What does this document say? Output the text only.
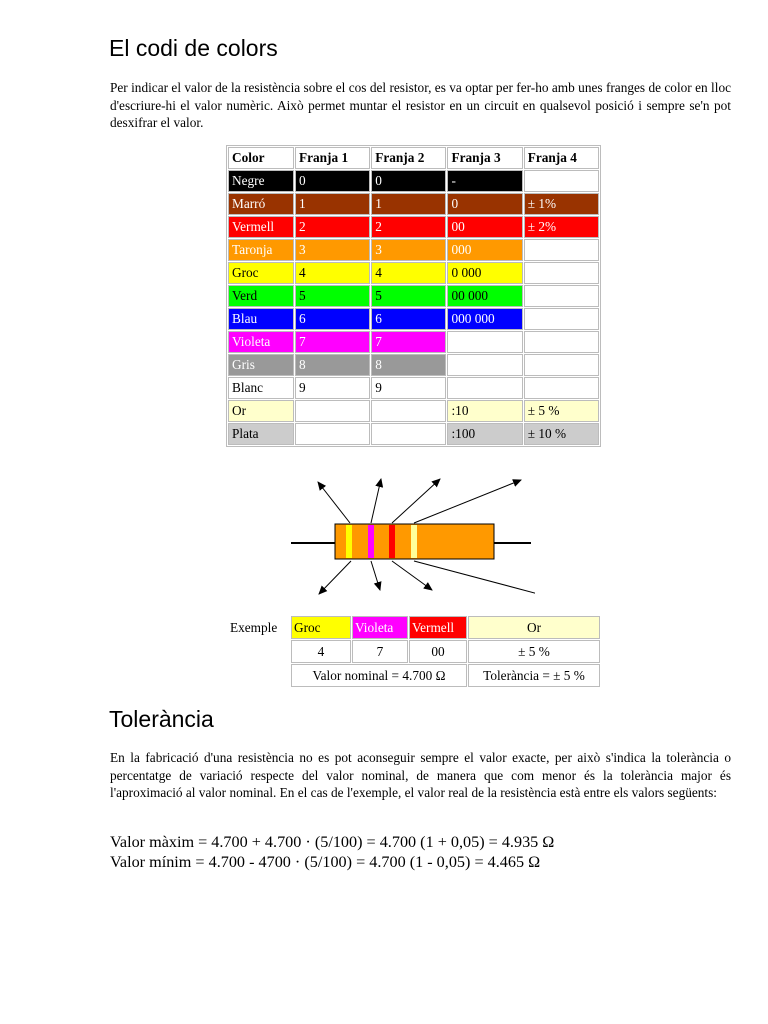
El codi de colors

Per indicar el valor de la resistència sobre el cos del resistor, es va optar per fer-ho amb unes franges de color en lloc d'escriure-hi el valor numèric. Això permet muntar el resistor en un circuit en qualsevol posició i sempre se'n pot desxifrar el valor.

Color	Franja 1	Franja 2	Franja 3	Franja 4
Negre	0	0	-	
Marró	1	1	0	± 1%
Vermell	2	2	00	± 2%
Taronja	3	3	000	
Groc	4	4	0 000	
Verd	5	5	00 000	
Blau	6	6	000 000	
Violeta	7	7		
Gris	8	8		
Blanc	9	9		
Or			:10	± 5 %
Plata			:100	± 10 %
Exemple	Groc	Violeta	Vermell	Or
	4	7	00	± 5 %
	Valor nominal = 4.700 Ω			Tolerància = ± 5 %
Tolerància

En la fabricació d'una resistència no es pot aconseguir sempre el valor exacte, per això s'indica la tolerància o percentatge de variació respecte del valor nominal, de manera que com menor és la tolerància major és l'aproximació al valor nominal. En el cas de l'exemple, el valor real de la resistència està entre els valors següents:

Valor màxim = 4.700 + 4.700 · (5/100) = 4.700 (1 + 0,05) = 4.935 Ω

Valor mínim = 4.700 - 4700 · (5/100) = 4.700 (1 - 0,05) = 4.465 Ω
